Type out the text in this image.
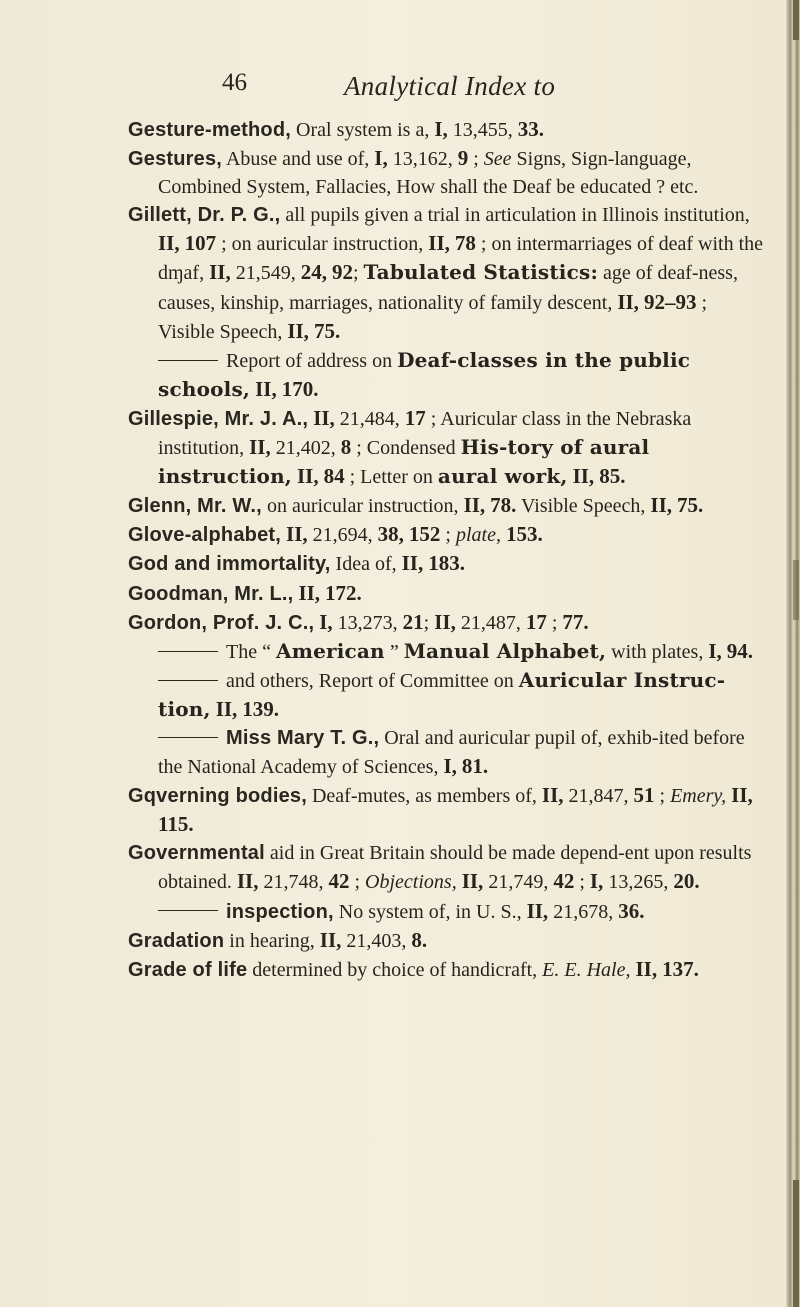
46	Analytical Index to

Gesture-method, Oral system is a, I, 13,455, 33.

Gestures, Abuse and use of, I, 13,162, 9 ; See Signs, Sign-language, Combined System, Fallacies, How shall the Deaf be educated ? etc.

Gillett, Dr. P. G., all pupils given a trial in articulation in Illinois institution, II, 107 ; on auricular instruction, II, 78 ; on intermarriages of deaf with the dɱaf, II, 21,549, 24, 92; Tabulated Statistics: age of deaf-ness, causes, kinship, marriages, nationality of family descent, II, 92–93 ; Visible Speech, II, 75.

Report of address on Deaf-classes in the public schools, II, 170.

Gillespie, Mr. J. A., II, 21,484, 17 ; Auricular class in the Nebraska institution, II, 21,402, 8 ; Condensed His-tory of aural instruction, II, 84 ; Letter on aural work, II, 85.

Glenn, Mr. W., on auricular instruction, II, 78. Visible Speech, II, 75.

Glove-alphabet, II, 21,694, 38, 152 ; plate, 153.

God and immortality, Idea of, II, 183.

Goodman, Mr. L., II, 172.

Gordon, Prof. J. C., I, 13,273, 21; II, 21,487, 17 ; 77.

The “ American ” Manual Alphabet, with plates, I, 94.

and others, Report of Committee on Auricular Instruc-tion, II, 139.

Miss Mary T. G., Oral and auricular pupil of, exhib-ited before the National Academy of Sciences, I, 81.

Gqverning bodies, Deaf-mutes, as members of, II, 21,847, 51 ; Emery, II, 115.

Governmental aid in Great Britain should be made depend-ent upon results obtained. II, 21,748, 42 ; Objections, II, 21,749, 42 ; I, 13,265, 20.

inspection, No system of, in U. S., II, 21,678, 36.

Gradation in hearing, II, 21,403, 8.

Grade of life determined by choice of handicraft, E. E. Hale, II, 137.
